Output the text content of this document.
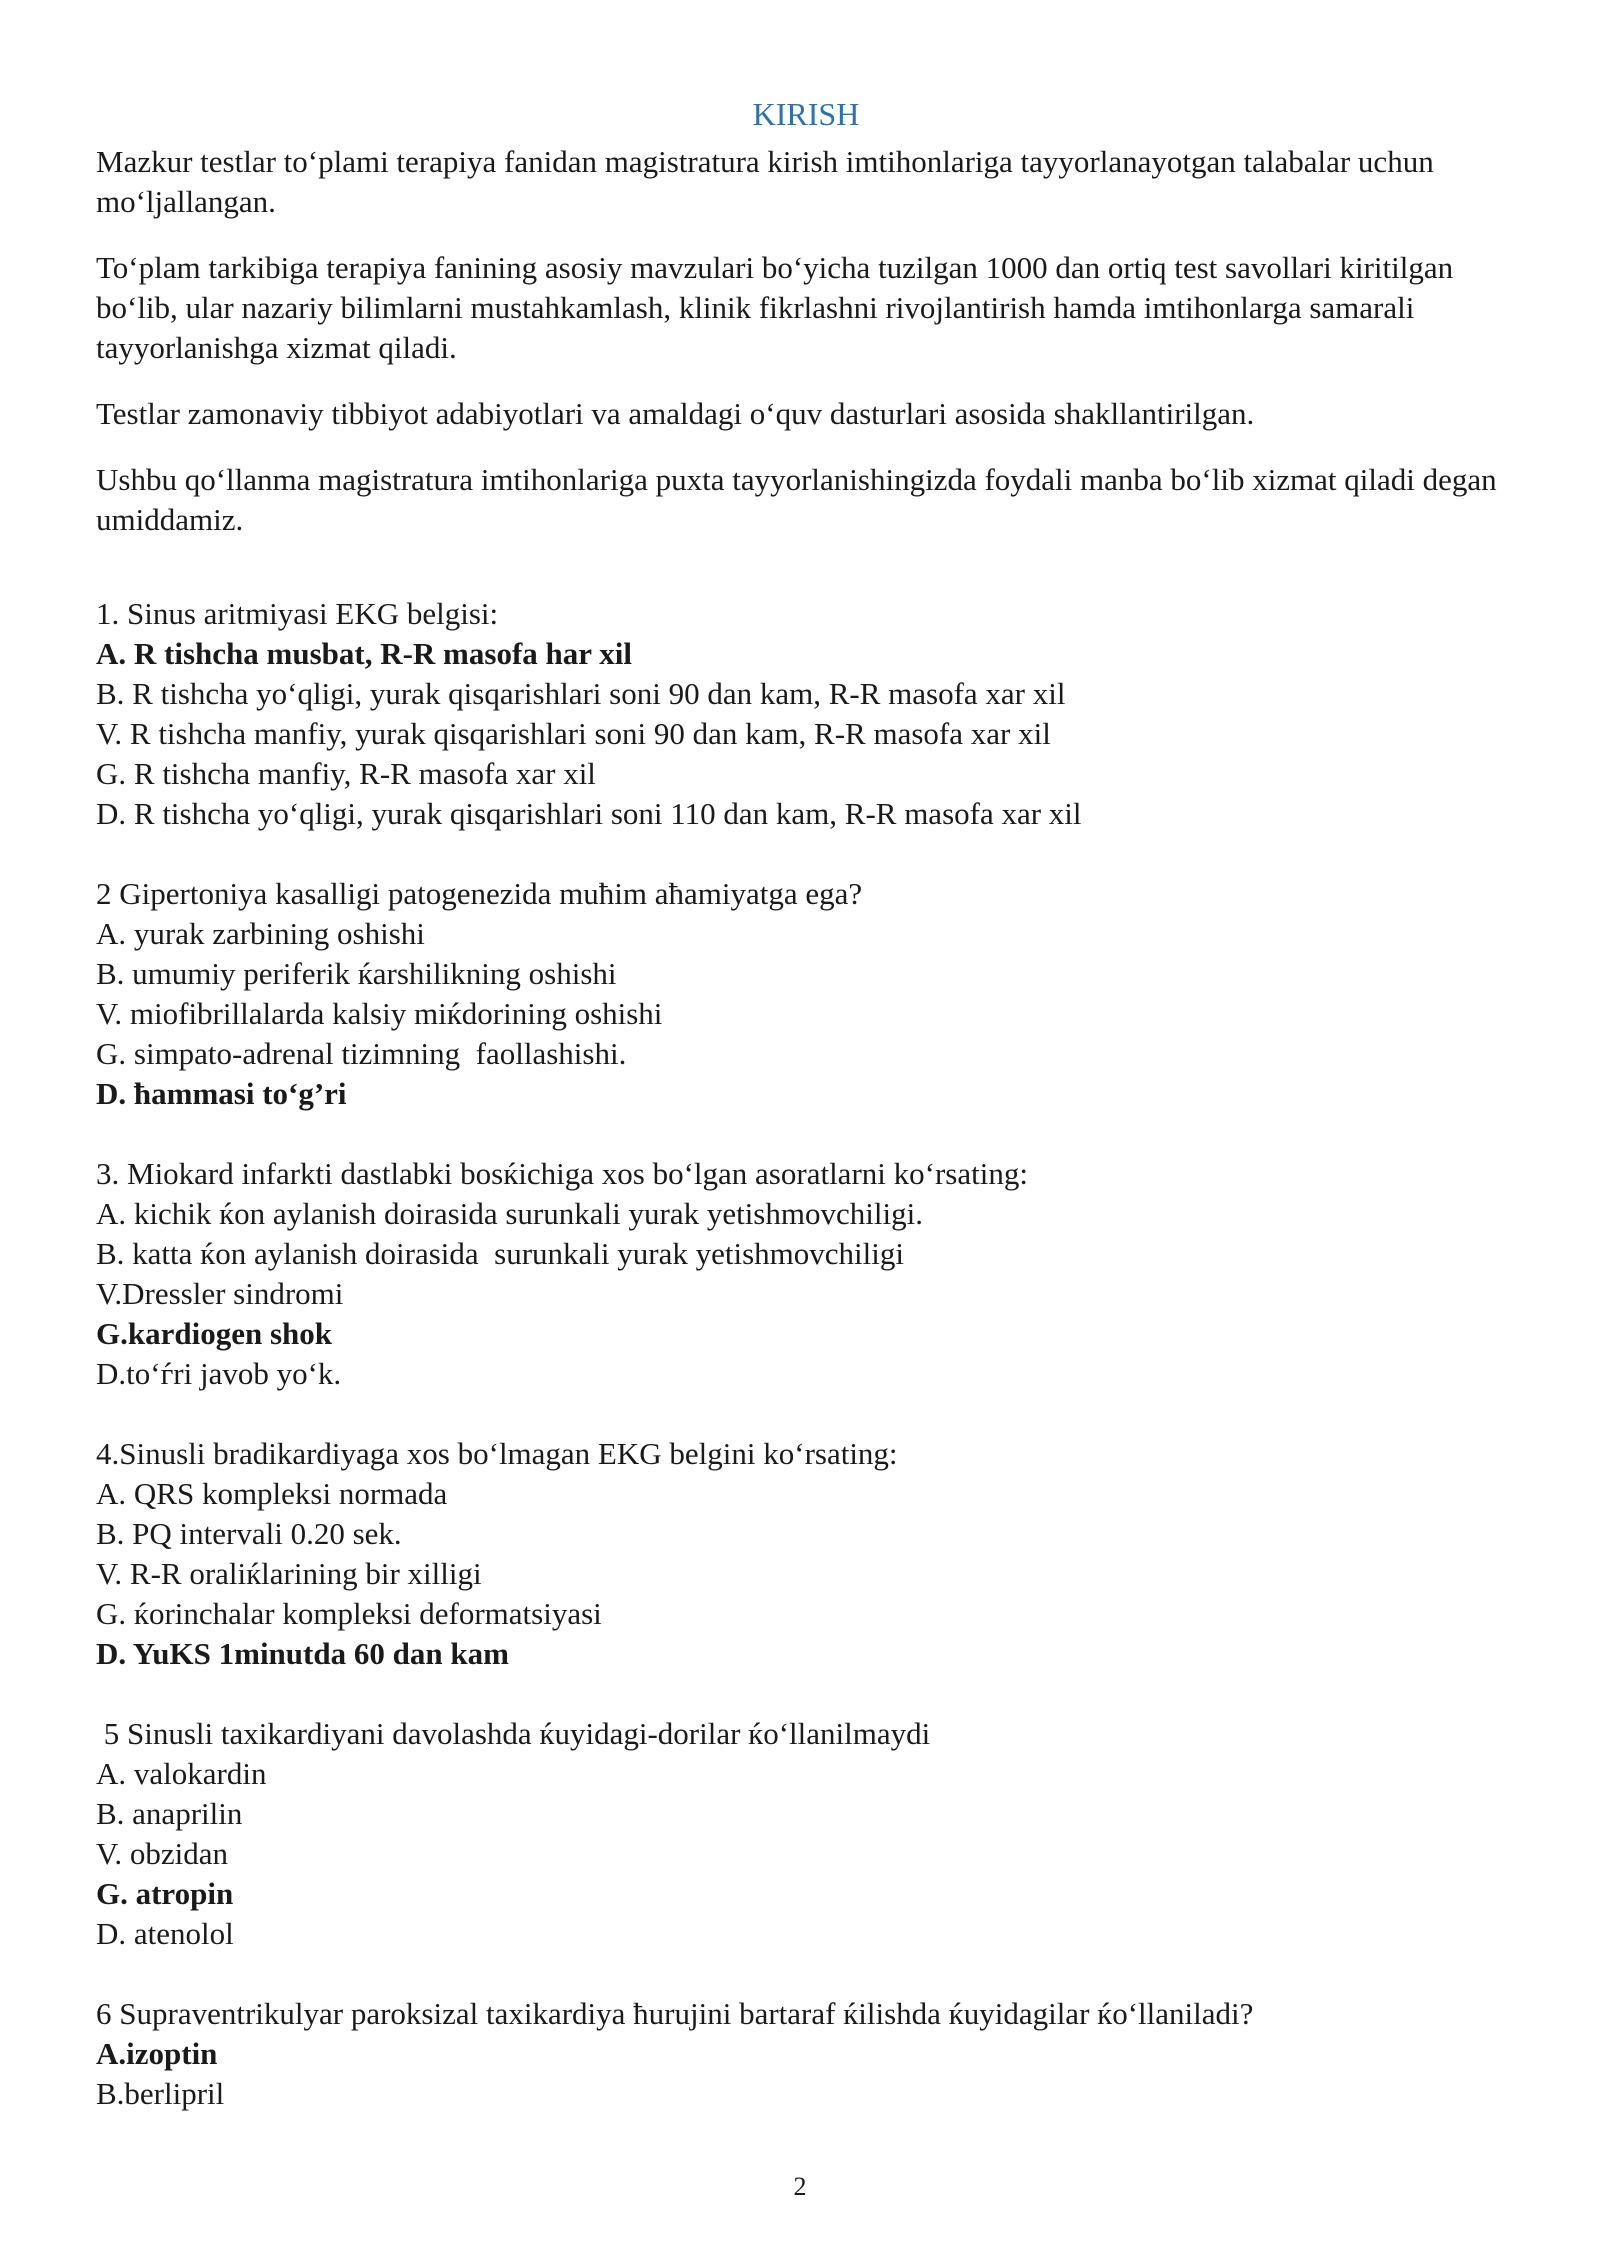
KIRISH

Mazkur testlar to‘plami terapiya fanidan magistratura kirish imtihonlariga tayyorlanayotgan talabalar uchun mo‘ljallangan.

To‘plam tarkibiga terapiya fanining asosiy mavzulari bo‘yicha tuzilgan 1000 dan ortiq test savollari kiritilgan bo‘lib, ular nazariy bilimlarni mustahkamlash, klinik fikrlashni rivojlantirish hamda imtihonlarga samarali tayyorlanishga xizmat qiladi.

Testlar zamonaviy tibbiyot adabiyotlari va amaldagi o‘quv dasturlari asosida shakllantirilgan.

Ushbu qo‘llanma magistratura imtihonlariga puxta tayyorlanishingizda foydali manba bo‘lib xizmat qiladi degan umiddamiz.

1. Sinus aritmiyasi EKG belgisi:
A. R tishcha musbat, R-R masofa har xil
B. R tishcha yo‘qligi, yurak qisqarishlari soni 90 dan kam, R-R masofa xar xil
V. R tishcha manfiy, yurak qisqarishlari soni 90 dan kam, R-R masofa xar xil
G. R tishcha manfiy, R-R masofa xar xil
D. R tishcha yo‘qligi, yurak qisqarishlari soni 110 dan kam, R-R masofa xar xil
2 Gipertoniya kasalligi patogenezida muħim aħamiyatga ega?
A. yurak zarbining oshishi
B. umumiy periferik ќarshilikning oshishi
V. miofibrillalarda kalsiy miќdorining oshishi
G. simpato-adrenal tizimning  faollashishi.
D. ħammasi to‘g’ri
3. Miokard infarkti dastlabki bosќichiga xos bo‘lgan asoratlarni ko‘rsating:
A. kichik ќon aylanish doirasida surunkali yurak yetishmovchiligi.
B. katta ќon aylanish doirasida  surunkali yurak yetishmovchiligi
V.Dressler sindromi
G.kardiogen shok
D.to‘ѓri javob yo‘k.
4.Sinusli bradikardiyaga xos bo‘lmagan EKG belgini ko‘rsating:
A. QRS kompleksi normada
B. PQ intervali 0.20 sek.
V. R-R oraliќlarining bir xilligi
G. ќorinchalar kompleksi deformatsiyasi
D. YuKS 1minutda 60 dan kam
5 Sinusli taxikardiyani davolashda ќuyidagi-dorilar ќo‘llanilmaydi
A. valokardin
B. anaprilin
V. obzidan
G. atropin
D. atenolol
6 Supraventrikulyar paroksizal taxikardiya ħurujini bartaraf ќilishda ќuyidagilar ќo‘llaniladi?
A.izoptin
B.berlipril
2
